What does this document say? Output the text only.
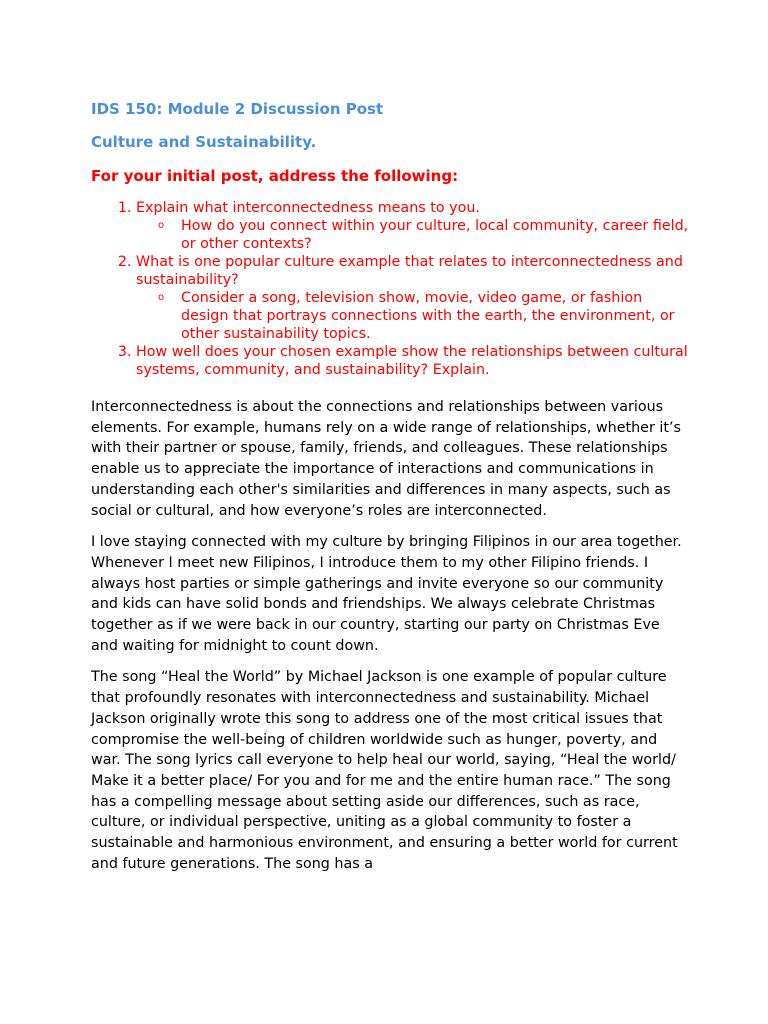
IDS 150: Module 2 Discussion Post

Culture and Sustainability.

For your initial post, address the following:

1. Explain what interconnectedness means to you.
o How do you connect within your culture, local community, career field, or other contexts?
2. What is one popular culture example that relates to interconnectedness and sustainability?
o Consider a song, television show, movie, video game, or fashion design that portrays connections with the earth, the environment, or other sustainability topics.
3. How well does your chosen example show the relationships between cultural systems, community, and sustainability? Explain.

Interconnectedness is about the connections and relationships between various elements. For example, humans rely on a wide range of relationships, whether it’s with their partner or spouse, family, friends, and colleagues. These relationships enable us to appreciate the importance of interactions and communications in understanding each other's similarities and differences in many aspects, such as social or cultural, and how everyone’s roles are interconnected.

I love staying connected with my culture by bringing Filipinos in our area together. Whenever I meet new Filipinos, I introduce them to my other Filipino friends. I always host parties or simple gatherings and invite everyone so our community and kids can have solid bonds and friendships. We always celebrate Christmas together as if we were back in our country, starting our party on Christmas Eve and waiting for midnight to count down.

The song “Heal the World” by Michael Jackson is one example of popular culture that profoundly resonates with interconnectedness and sustainability. Michael Jackson originally wrote this song to address one of the most critical issues that compromise the well-being of children worldwide such as hunger, poverty, and war. The song lyrics call everyone to help heal our world, saying, “Heal the world/ Make it a better place/ For you and for me and the entire human race.” The song has a compelling message about setting aside our differences, such as race, culture, or individual perspective, uniting as a global community to foster a sustainable and harmonious environment, and ensuring a better world for current and future generations. The song has a
